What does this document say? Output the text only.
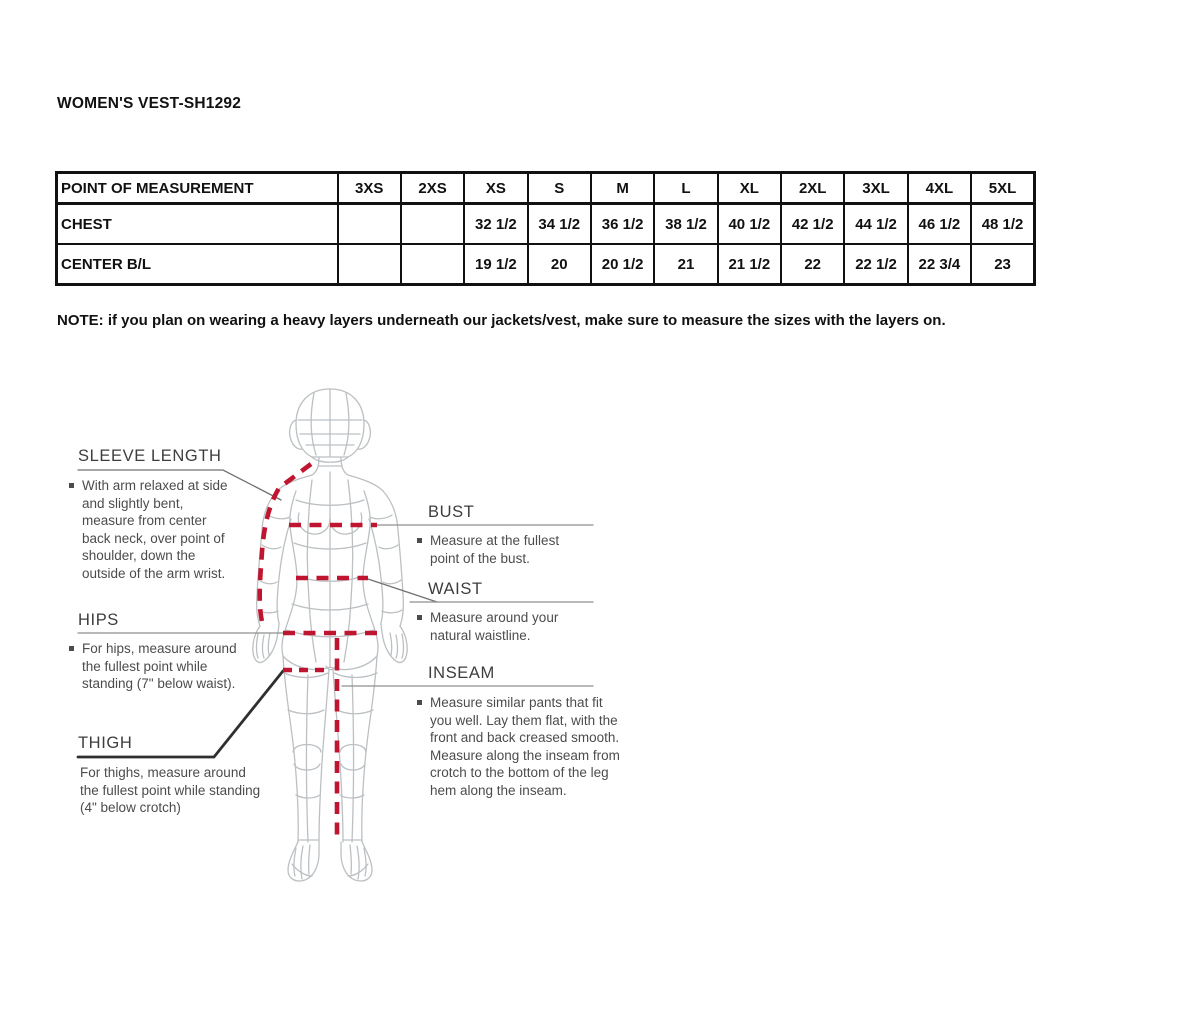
WOMEN'S VEST-SH1292
POINT OF MEASUREMENT	3XS	2XS	XS	S	M	L	XL	2XL	3XL	4XL	5XL
CHEST			32 1/2	34 1/2	36 1/2	38 1/2	40 1/2	42 1/2	44 1/2	46 1/2	48 1/2
CENTER B/L			19 1/2	20	20 1/2	21	21 1/2	22	22 1/2	22 3/4	23

NOTE: if you plan on wearing a heavy layers underneath our jackets/vest, make sure to measure the sizes with the layers on.

SLEEVE LENGTH
With arm relaxed at side and slightly bent, measure from center back neck, over point of shoulder, down the outside of the arm wrist.
HIPS
For hips, measure around the fullest point while standing (7" below waist).
THIGH
For thighs, measure around the fullest point while standing (4" below crotch)
BUST
Measure at the fullest point of the bust.
WAIST
Measure around your natural waistline.
INSEAM
Measure similar pants that fit you well. Lay them flat, with the front and back creased smooth. Measure along the inseam from crotch to the bottom of the leg hem along the inseam.
